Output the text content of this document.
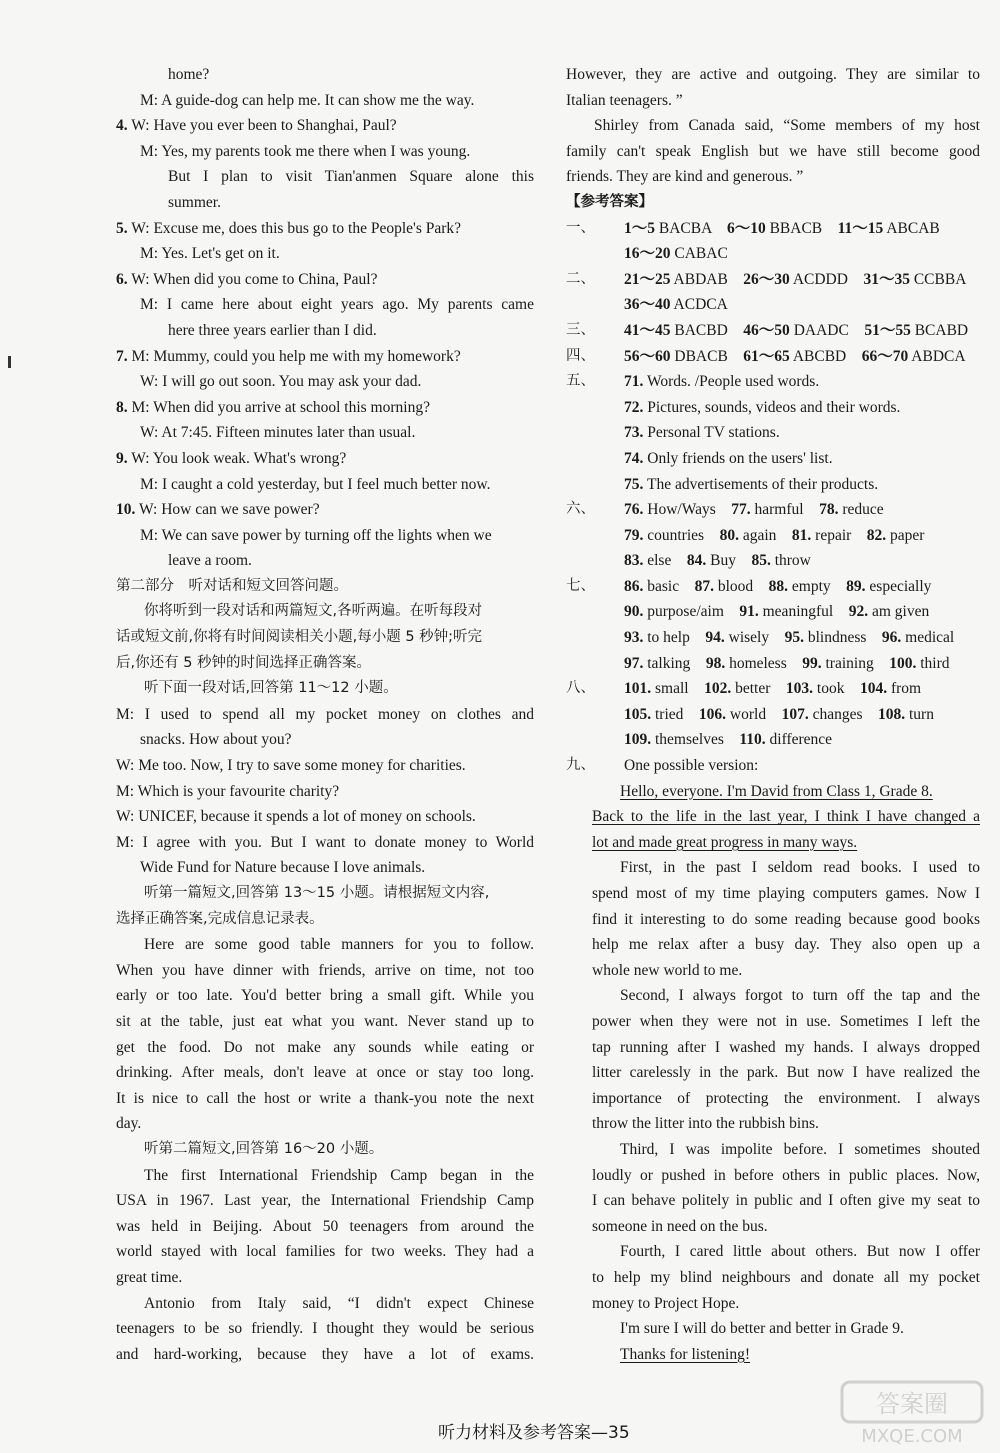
home?
M: A guide-dog can help me. It can show me the way.
4. W: Have you ever been to Shanghai, Paul?
M: Yes, my parents took me there when I was young.
But I plan to visit Tian'anmen Square alone this
summer.
5. W: Excuse me, does this bus go to the People's Park?
M: Yes. Let's get on it.
6. W: When did you come to China, Paul?
M: I came here about eight years ago. My parents came
here three years earlier than I did.
7. M: Mummy, could you help me with my homework?
W: I will go out soon. You may ask your dad.
8. M: When did you arrive at school this morning?
W: At 7:45. Fifteen minutes later than usual.
9. W: You look weak. What's wrong?
M: I caught a cold yesterday, but I feel much better now.
10. W: How can we save power?
M: We can save power by turning off the lights when we
leave a room.
第二部分　听对话和短文回答问题。
你将听到一段对话和两篇短文,各听两遍。在听每段对
话或短文前,你将有时间阅读相关小题,每小题 5 秒钟;听完
后,你还有 5 秒钟的时间选择正确答案。
听下面一段对话,回答第 11～12 小题。
M: I used to spend all my pocket money on clothes and
snacks. How about you?
W: Me too. Now, I try to save some money for charities.
M: Which is your favourite charity?
W: UNICEF, because it spends a lot of money on schools.
M: I agree with you. But I want to donate money to World
Wide Fund for Nature because I love animals.
听第一篇短文,回答第 13～15 小题。请根据短文内容,
选择正确答案,完成信息记录表。
Here are some good table manners for you to follow.
When you have dinner with friends, arrive on time, not too
early or too late. You'd better bring a small gift. While you
sit at the table, just eat what you want. Never stand up to
get the food. Do not make any sounds while eating or
drinking. After meals, don't leave at once or stay too long.
It is nice to call the host or write a thank-you note the next
day.
听第二篇短文,回答第 16～20 小题。
The first International Friendship Camp began in the
USA in 1967. Last year, the International Friendship Camp
was held in Beijing. About 50 teenagers from around the
world stayed with local families for two weeks. They had a
great time.
Antonio from Italy said, “I didn't expect Chinese
teenagers to be so friendly. I thought they would be serious
and hard-working, because they have a lot of exams.
However, they are active and outgoing. They are similar to
Italian teenagers. ”
Shirley from Canada said, “Some members of my host
family can't speak English but we have still become good
friends. They are kind and generous. ”
【参考答案】
一、	1～5 BACBA　6～10 BBACB　11～15 ABCAB
16～20 CABAC
二、	21～25 ABDAB　26～30 ACDDD　31～35 CCBBA
36～40 ACDCA
三、	41～45 BACBD　46～50 DAADC　51～55 BCABD
四、	56～60 DBACB　61～65 ABCBD　66～70 ABDCA
五、	71. Words. /People used words.
72. Pictures, sounds, videos and their words.
73. Personal TV stations.
74. Only friends on the users' list.
75. The advertisements of their products.
六、	76. How/Ways　77. harmful　78. reduce
79. countries　80. again　81. repair　82. paper
83. else　84. Buy　85. throw
七、	86. basic　87. blood　88. empty　89. especially
90. purpose/aim　91. meaningful　92. am given
93. to help　94. wisely　95. blindness　96. medical
97. talking　98. homeless　99. training　100. third
八、	101. small　102. better　103. took　104. from
105. tried　106. world　107. changes　108. turn
109. themselves　110. difference
九、	One possible version:
Hello, everyone. I'm David from Class 1, Grade 8.
Back to the life in the last year, I think I have changed a
lot and made great progress in many ways.
First, in the past I seldom read books. I used to
spend most of my time playing computers games. Now I
find it interesting to do some reading because good books
help me relax after a busy day. They also open up a
whole new world to me.
Second, I always forgot to turn off the tap and the
power when they were not in use. Sometimes I left the
tap running after I washed my hands. I always dropped
litter carelessly in the park. But now I have realized the
importance of protecting the environment. I always
throw the litter into the rubbish bins.
Third, I was impolite before. I sometimes shouted
loudly or pushed in before others in public places. Now,
I can behave politely in public and I often give my seat to
someone in need on the bus.
Fourth, I cared little about others. But now I offer
to help my blind neighbours and donate all my pocket
money to Project Hope.
I'm sure I will do better and better in Grade 9.
Thanks for listening!
听力材料及参考答案—35
答案圈
MXQE.COM
